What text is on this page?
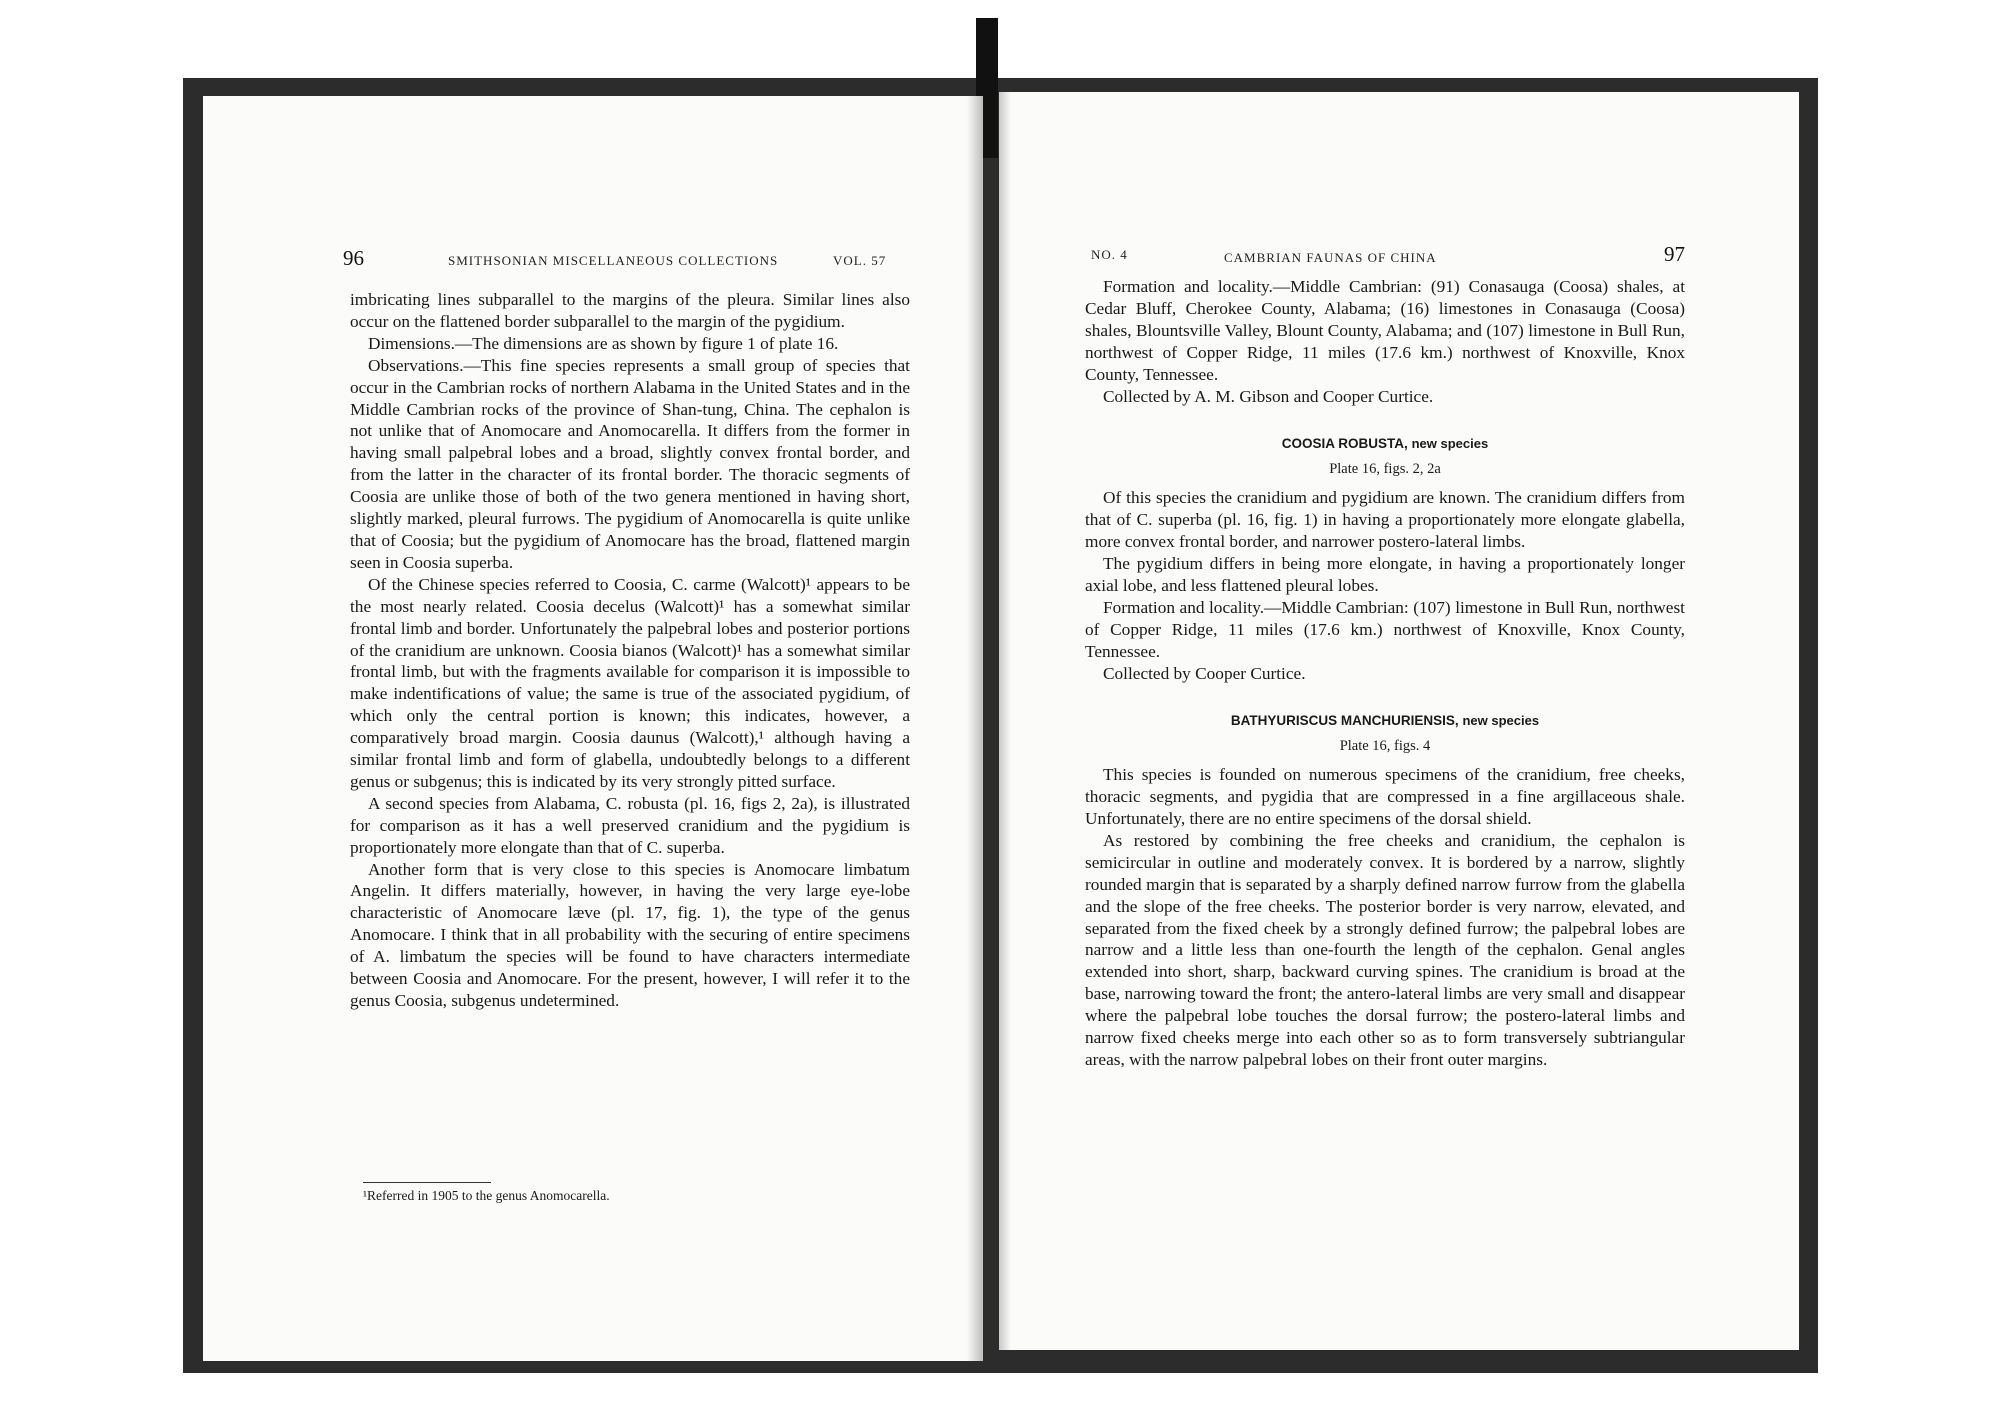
96	SMITHSONIAN MISCELLANEOUS COLLECTIONS	VOL. 57

imbricating lines subparallel to the margins of the pleura. Similar lines also occur on the flattened border subparallel to the margin of the pygidium.

Dimensions.—The dimensions are as shown by figure 1 of plate 16.

Observations.—This fine species represents a small group of species that occur in the Cambrian rocks of northern Alabama in the United States and in the Middle Cambrian rocks of the province of Shan-tung, China. The cephalon is not unlike that of Anomocare and Anomocarella. It differs from the former in having small palpebral lobes and a broad, slightly convex frontal border, and from the latter in the character of its frontal border. The thoracic segments of Coosia are unlike those of both of the two genera mentioned in having short, slightly marked, pleural furrows. The pygidium of Anomocarella is quite unlike that of Coosia; but the pygidium of Anomocare has the broad, flattened margin seen in Coosia superba.

Of the Chinese species referred to Coosia, C. carme (Walcott)¹ appears to be the most nearly related. Coosia decelus (Walcott)¹ has a somewhat similar frontal limb and border. Unfortunately the palpebral lobes and posterior portions of the cranidium are unknown. Coosia bianos (Walcott)¹ has a somewhat similar frontal limb, but with the fragments available for comparison it is impossible to make indentifications of value; the same is true of the associated pygidium, of which only the central portion is known; this indicates, however, a comparatively broad margin. Coosia daunus (Walcott),¹ although having a similar frontal limb and form of glabella, undoubtedly belongs to a different genus or subgenus; this is indicated by its very strongly pitted surface.

A second species from Alabama, C. robusta (pl. 16, figs 2, 2a), is illustrated for comparison as it has a well preserved cranidium and the pygidium is proportionately more elongate than that of C. superba.

Another form that is very close to this species is Anomocare limbatum Angelin. It differs materially, however, in having the very large eye-lobe characteristic of Anomocare læve (pl. 17, fig. 1), the type of the genus Anomocare. I think that in all probability with the securing of entire specimens of A. limbatum the species will be found to have characters intermediate between Coosia and Anomocare. For the present, however, I will refer it to the genus Coosia, subgenus undetermined.

¹Referred in 1905 to the genus Anomocarella.
NO. 4	CAMBRIAN FAUNAS OF CHINA	97

Formation and locality.—Middle Cambrian: (91) Conasauga (Coosa) shales, at Cedar Bluff, Cherokee County, Alabama; (16) limestones in Conasauga (Coosa) shales, Blountsville Valley, Blount County, Alabama; and (107) limestone in Bull Run, northwest of Copper Ridge, 11 miles (17.6 km.) northwest of Knoxville, Knox County, Tennessee.

Collected by A. M. Gibson and Cooper Curtice.

COOSIA ROBUSTA, new species
Plate 16, figs. 2, 2a

Of this species the cranidium and pygidium are known. The cranidium differs from that of C. superba (pl. 16, fig. 1) in having a proportionately more elongate glabella, more convex frontal border, and narrower postero-lateral limbs.

The pygidium differs in being more elongate, in having a proportionately longer axial lobe, and less flattened pleural lobes.

Formation and locality.—Middle Cambrian: (107) limestone in Bull Run, northwest of Copper Ridge, 11 miles (17.6 km.) northwest of Knoxville, Knox County, Tennessee.

Collected by Cooper Curtice.

BATHYURISCUS MANCHURIENSIS, new species
Plate 16, figs. 4

This species is founded on numerous specimens of the cranidium, free cheeks, thoracic segments, and pygidia that are compressed in a fine argillaceous shale. Unfortunately, there are no entire specimens of the dorsal shield.

As restored by combining the free cheeks and cranidium, the cephalon is semicircular in outline and moderately convex. It is bordered by a narrow, slightly rounded margin that is separated by a sharply defined narrow furrow from the glabella and the slope of the free cheeks. The posterior border is very narrow, elevated, and separated from the fixed cheek by a strongly defined furrow; the palpebral lobes are narrow and a little less than one-fourth the length of the cephalon. Genal angles extended into short, sharp, backward curving spines. The cranidium is broad at the base, narrowing toward the front; the antero-lateral limbs are very small and disappear where the palpebral lobe touches the dorsal furrow; the postero-lateral limbs and narrow fixed cheeks merge into each other so as to form transversely subtriangular areas, with the narrow palpebral lobes on their front outer margins.
